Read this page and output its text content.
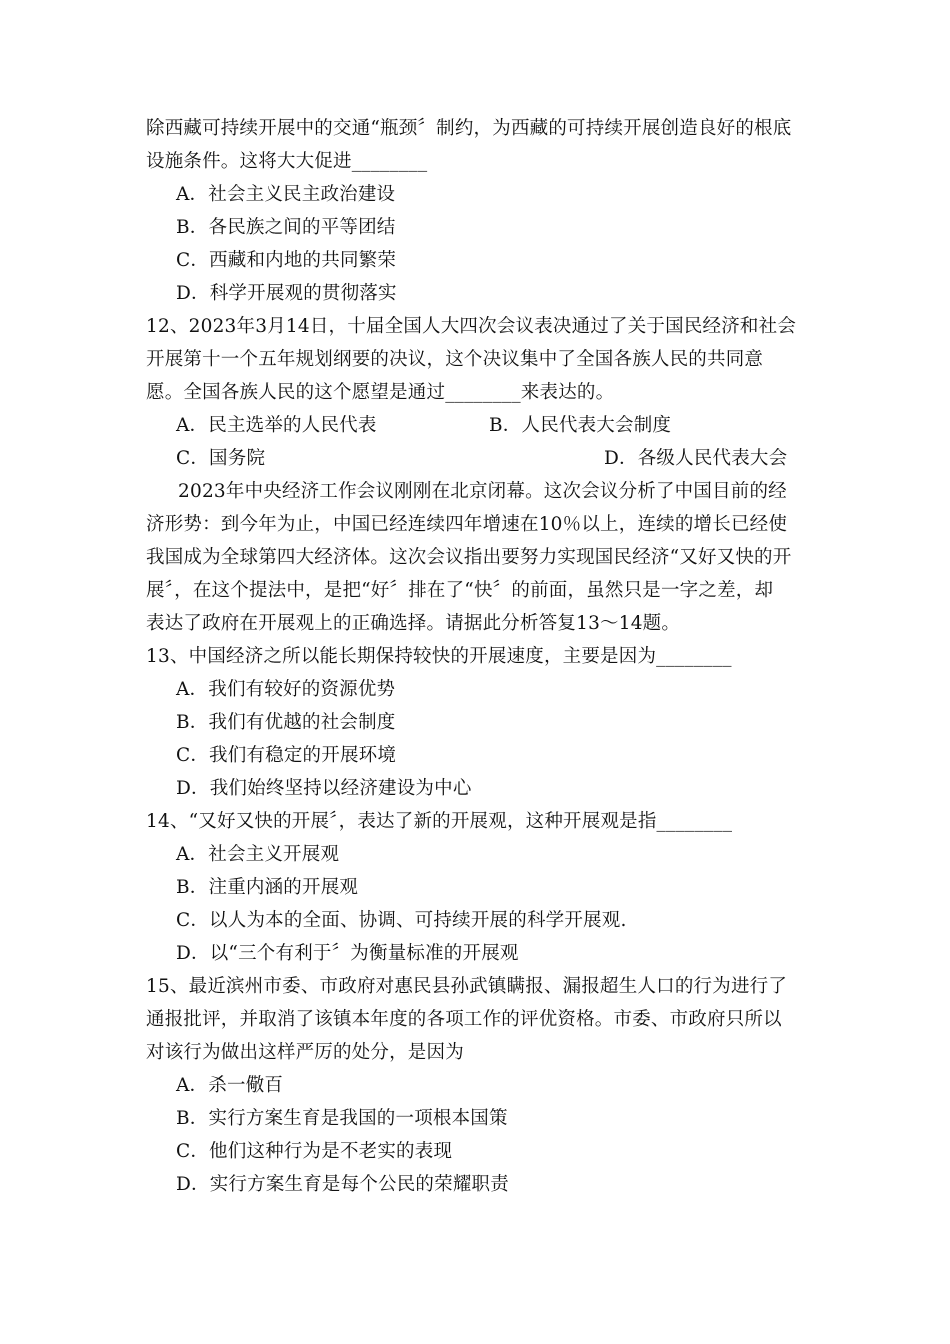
除西藏可持续开展中的交通“瓶颈〞制约，为西藏的可持续开展创造良好的根底
设施条件。这将大大促进________
A．社会主义民主政治建设
B．各民族之间的平等团结
C．西藏和内地的共同繁荣
D．科学开展观的贯彻落实
12、2023年3月14日，十届全国人大四次会议表决通过了关于国民经济和社会
开展第十一个五年规划纲要的决议，这个决议集中了全国各族人民的共同意
愿。全国各族人民的这个愿望是通过________来表达的。
A．民主选举的人民代表	B．人民代表大会制度
C．国务院	D．各级人民代表大会
2023年中央经济工作会议刚刚在北京闭幕。这次会议分析了中国目前的经
济形势：到今年为止，中国已经连续四年增速在10％以上，连续的增长已经使
我国成为全球第四大经济体。这次会议指出要努力实现国民经济“又好又快的开
展〞，在这个提法中，是把“好〞排在了“快〞的前面，虽然只是一字之差，却
表达了政府在开展观上的正确选择。请据此分析答复13～14题。
13、中国经济之所以能长期保持较快的开展速度，主要是因为________
A．我们有较好的资源优势
B．我们有优越的社会制度
C．我们有稳定的开展环境
D．我们始终坚持以经济建设为中心
14、“又好又快的开展〞，表达了新的开展观，这种开展观是指________
A．社会主义开展观
B．注重内涵的开展观
C．以人为本的全面、协调、可持续开展的科学开展观.
D．以“三个有利于〞为衡量标准的开展观
15、最近滨州市委、市政府对惠民县孙武镇瞒报、漏报超生人口的行为进行了
通报批评，并取消了该镇本年度的各项工作的评优资格。市委、市政府只所以
对该行为做出这样严厉的处分，是因为
A．杀一儆百
B．实行方案生育是我国的一项根本国策
C．他们这种行为是不老实的表现
D．实行方案生育是每个公民的荣耀职责
